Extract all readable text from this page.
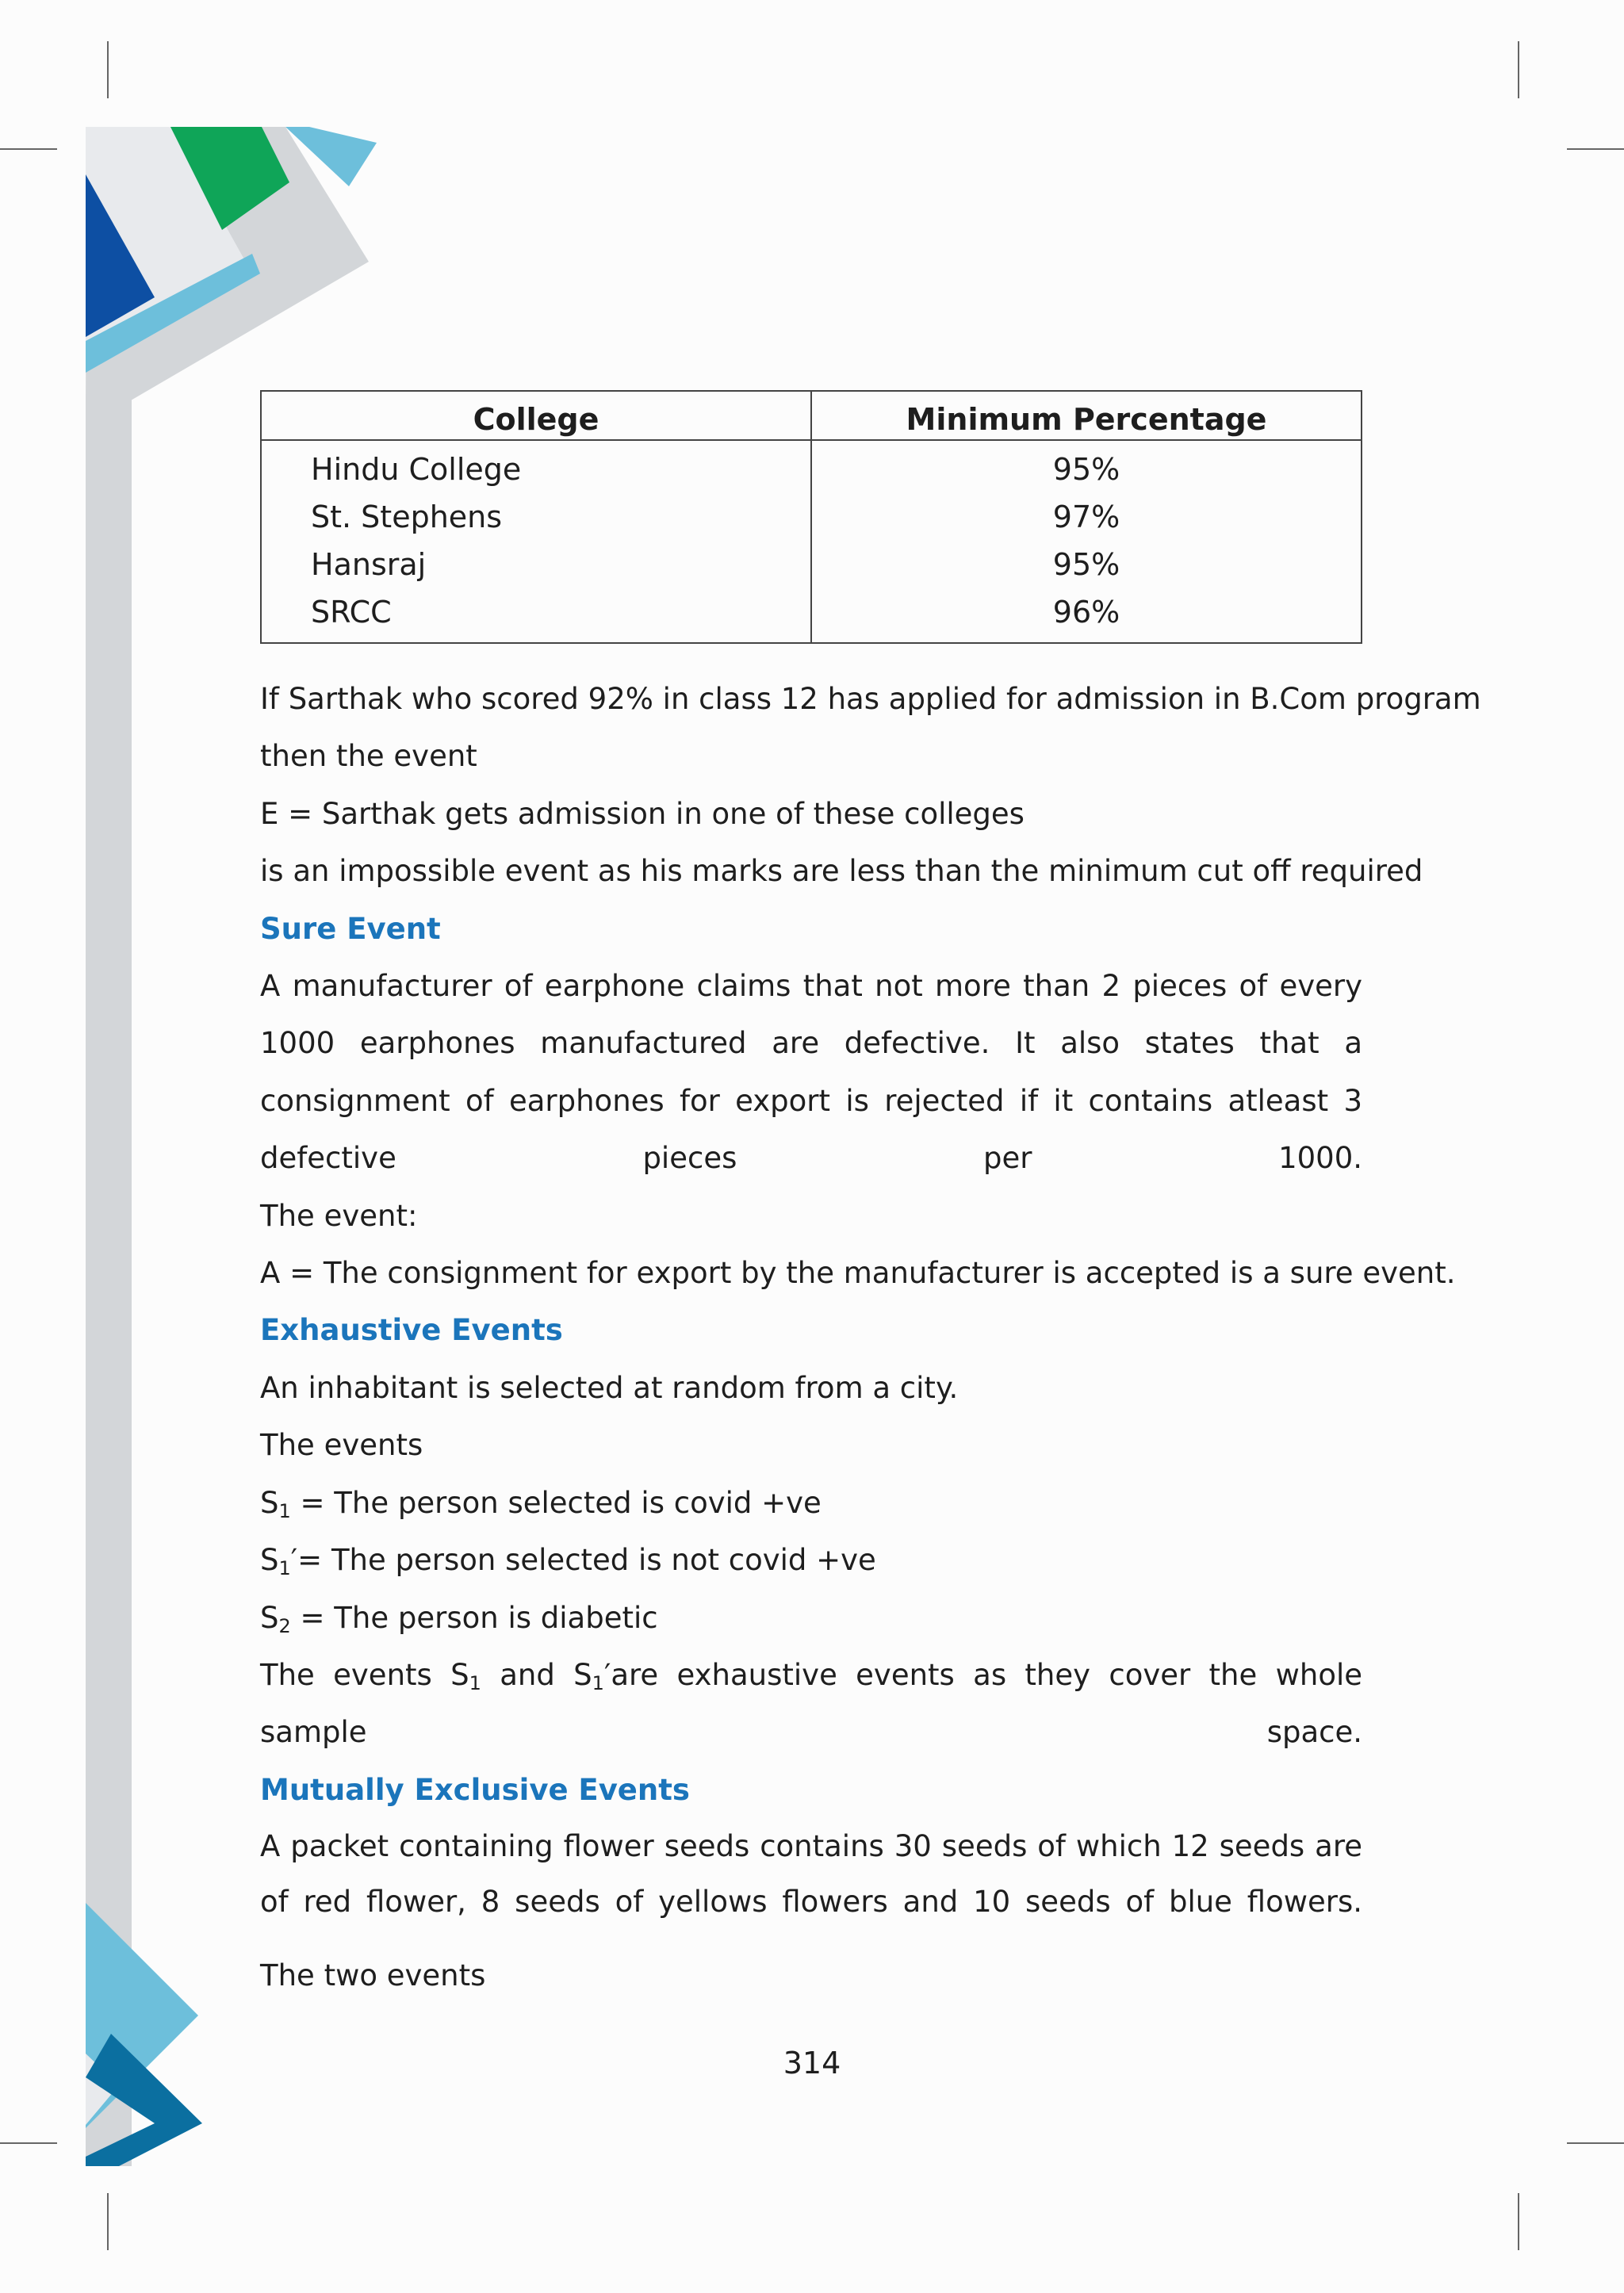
College	Minimum Percentage
Hindu College	95%
St. Stephens	97%
Hansraj	95%
SRCC	96%

If Sarthak who scored 92% in class 12 has applied for admission in B.Com program

then the event

E = Sarthak gets admission in one of these colleges

is an impossible event as his marks are less than the minimum cut off required

Sure Event

A manufacturer of earphone claims that not more than 2 pieces of every 1000 earphones manufactured are defective. It also states that a consignment of earphones for export is rejected if it contains atleast 3 defective pieces per 1000.

The event:

A = The consignment for export by the manufacturer is accepted is a sure event.

Exhaustive Events

An inhabitant is selected at random from a city.

The events

$S_1$ = The person selected is covid +ve

$S_1'=$ The person selected is not covid +ve

$S_2$ = The person is diabetic

The events $S_1$ and $S_1'are$ exhaustive events as they cover the whole sample space.

Mutually Exclusive Events

A packet containing flower seeds contains 30 seeds of which 12 seeds are of red flower, 8 seeds of yellows flowers and 10 seeds of blue flowers.

The two events

314
